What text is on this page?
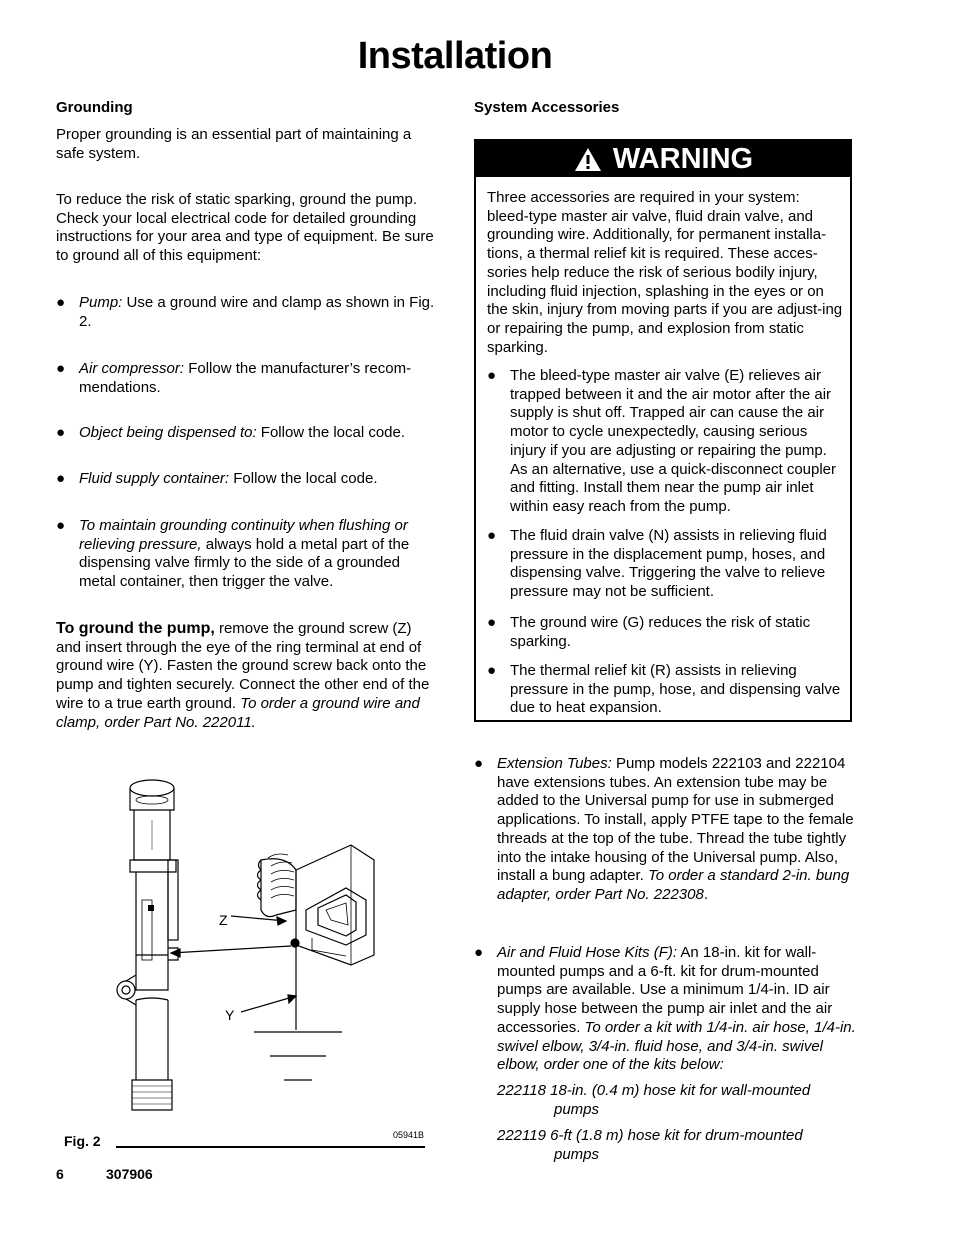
Installation
Grounding

Proper grounding is an essential part of maintaining a safe system.

To reduce the risk of static sparking, ground the pump. Check your local electrical code for detailed grounding instructions for your area and type of equipment. Be sure to ground all of this equipment:

● Pump: Use a ground wire and clamp as shown in Fig. 2.
● Air compressor: Follow the manufacturer’s recom-mendations.
● Object being dispensed to: Follow the local code.
● Fluid supply container: Follow the local code.
● To maintain grounding continuity when flushing or relieving pressure, always hold a metal part of the dispensing valve firmly to the side of a grounded metal container, then trigger the valve.

To ground the pump, remove the ground screw (Z) and insert through the eye of the ring terminal at end of ground wire (Y). Fasten the ground screw back onto the pump and tighten securely. Connect the other end of the wire to a true earth ground. To order a ground wire and clamp, order Part No. 222011.

Z
Y
Fig. 2	05941B
System Accessories
WARNING

Three accessories are required in your system: bleed-type master air valve, fluid drain valve, and grounding wire. Additionally, for permanent installa-tions, a thermal relief kit is required. These acces-sories help reduce the risk of serious bodily injury, including fluid injection, splashing in the eyes or on the skin, injury from moving parts if you are adjust-ing or repairing the pump, and explosion from static sparking.

● The bleed-type master air valve (E) relieves air trapped between it and the air motor after the air supply is shut off. Trapped air can cause the air motor to cycle unexpectedly, causing serious injury if you are adjusting or repairing the pump. As an alternative, use a quick-disconnect coupler and fitting. Install them near the pump air inlet within easy reach from the pump.
● The fluid drain valve (N) assists in relieving fluid pressure in the displacement pump, hoses, and dispensing valve. Triggering the valve to relieve pressure may not be sufficient.
● The ground wire (G) reduces the risk of static sparking.
● The thermal relief kit (R) assists in relieving pressure in the pump, hose, and dispensing valve due to heat expansion.
● Extension Tubes: Pump models 222103 and 222104 have extensions tubes. An extension tube may be added to the Universal pump for use in submerged applications. To install, apply PTFE tape to the female threads at the top of the tube. Thread the tube tightly into the intake housing of the Universal pump. Also, install a bung adapter. To order a standard 2-in. bung adapter, order Part No. 222308.
● Air and Fluid Hose Kits (F): An 18-in. kit for wall-mounted pumps and a 6-ft. kit for drum-mounted pumps are available. Use a minimum 1/4-in. ID air supply hose between the pump air inlet and the air accessories. To order a kit with 1/4-in. air hose, 1/4-in. swivel elbow, 3/4-in. fluid hose, and 3/4-in. swivel elbow, order one of the kits below:
222118 18-in. (0.4 m) hose kit for wall-mounted
pumps
222119 6-ft (1.8 m) hose kit for drum-mounted
pumps
6	307906
